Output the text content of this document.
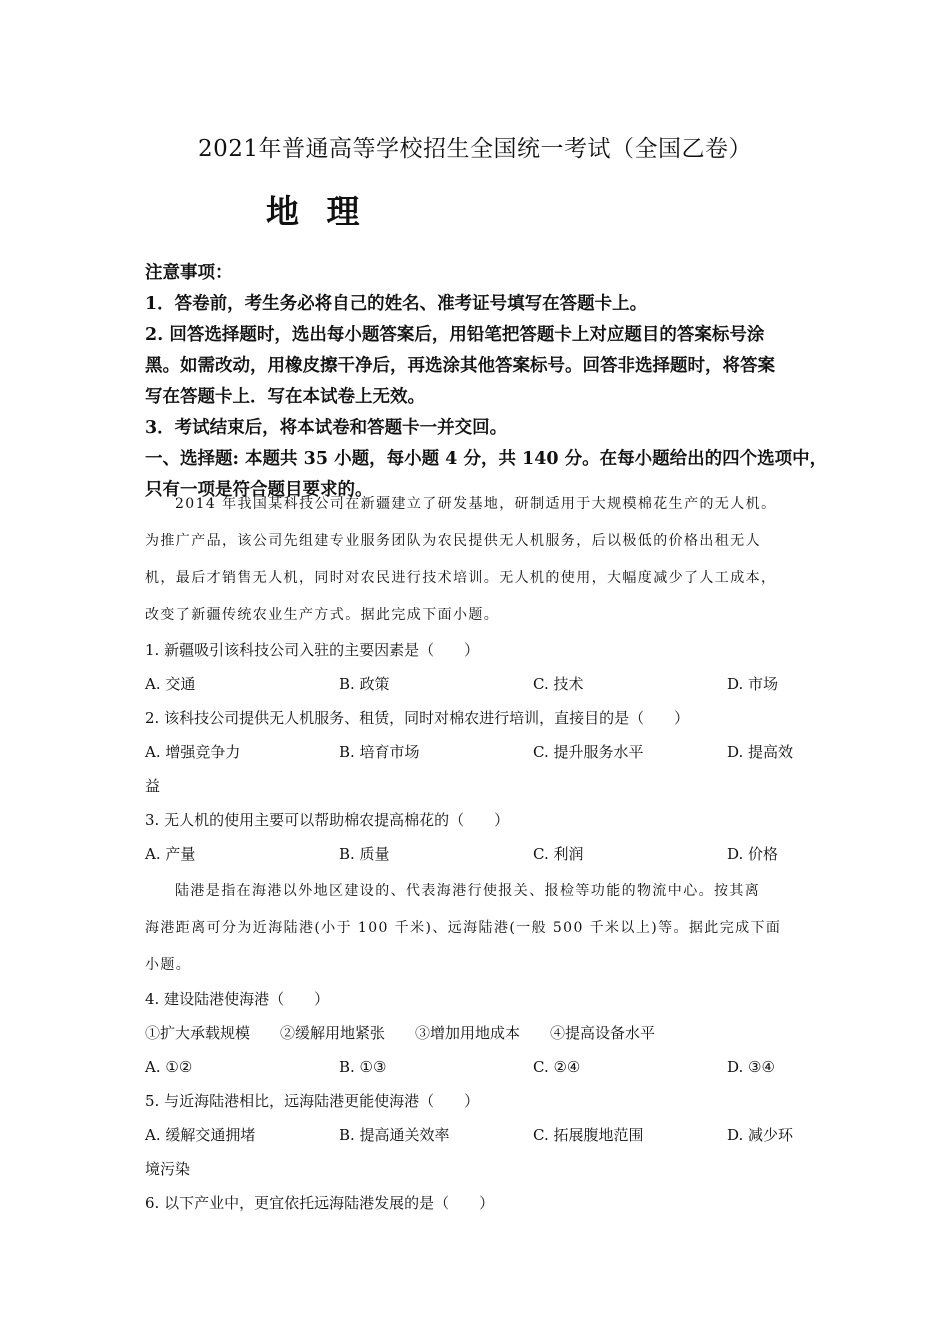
2021年普通高等学校招生全国统一考试（全国乙卷）
地 理
注意事项：
1．答卷前，考生务必将自己的姓名、准考证号填写在答题卡上。
2. 回答选择题时，选出每小题答案后，用铅笔把答题卡上对应题目的答案标号涂
黑。如需改动，用橡皮擦干净后，再选涂其他答案标号。回答非选择题时，将答案
写在答题卡上．写在本试卷上无效。
3．考试结束后，将本试卷和答题卡一并交回。
一、选择题: 本题共 35 小题，每小题 4 分，共 140 分。在每小题给出的四个选项中，
只有一项是符合题目要求的。
2014 年我国某科技公司在新疆建立了研发基地，研制适用于大规模棉花生产的无人机。
为推广产品，该公司先组建专业服务团队为农民提供无人机服务，后以极低的价格出租无人
机，最后才销售无人机，同时对农民进行技术培训。无人机的使用，大幅度减少了人工成本，
改变了新疆传统农业生产方式。据此完成下面小题。
1. 新疆吸引该科技公司入驻的主要因素是（　　）
A. 交通	B. 政策	C. 技术	D. 市场
2. 该科技公司提供无人机服务、租赁，同时对棉农进行培训，直接目的是（　　）
A. 增强竞争力	B. 培育市场	C. 提升服务水平	D. 提高效
益
3. 无人机的使用主要可以帮助棉农提高棉花的（　　）
A. 产量	B. 质量	C. 利润	D. 价格
陆港是指在海港以外地区建设的、代表海港行使报关、报检等功能的物流中心。按其离
海港距离可分为近海陆港(小于 100 千米)、远海陆港(一般 500 千米以上)等。据此完成下面
小题。
4. 建设陆港使海港（　　）
①扩大承载规模　　②缓解用地紧张　　③增加用地成本　　④提高设备水平
A. ①②	B. ①③	C. ②④	D. ③④
5. 与近海陆港相比，远海陆港更能使海港（　　）
A. 缓解交通拥堵	B. 提高通关效率	C. 拓展腹地范围	D. 减少环
境污染
6. 以下产业中，更宜依托远海陆港发展的是（　　）
